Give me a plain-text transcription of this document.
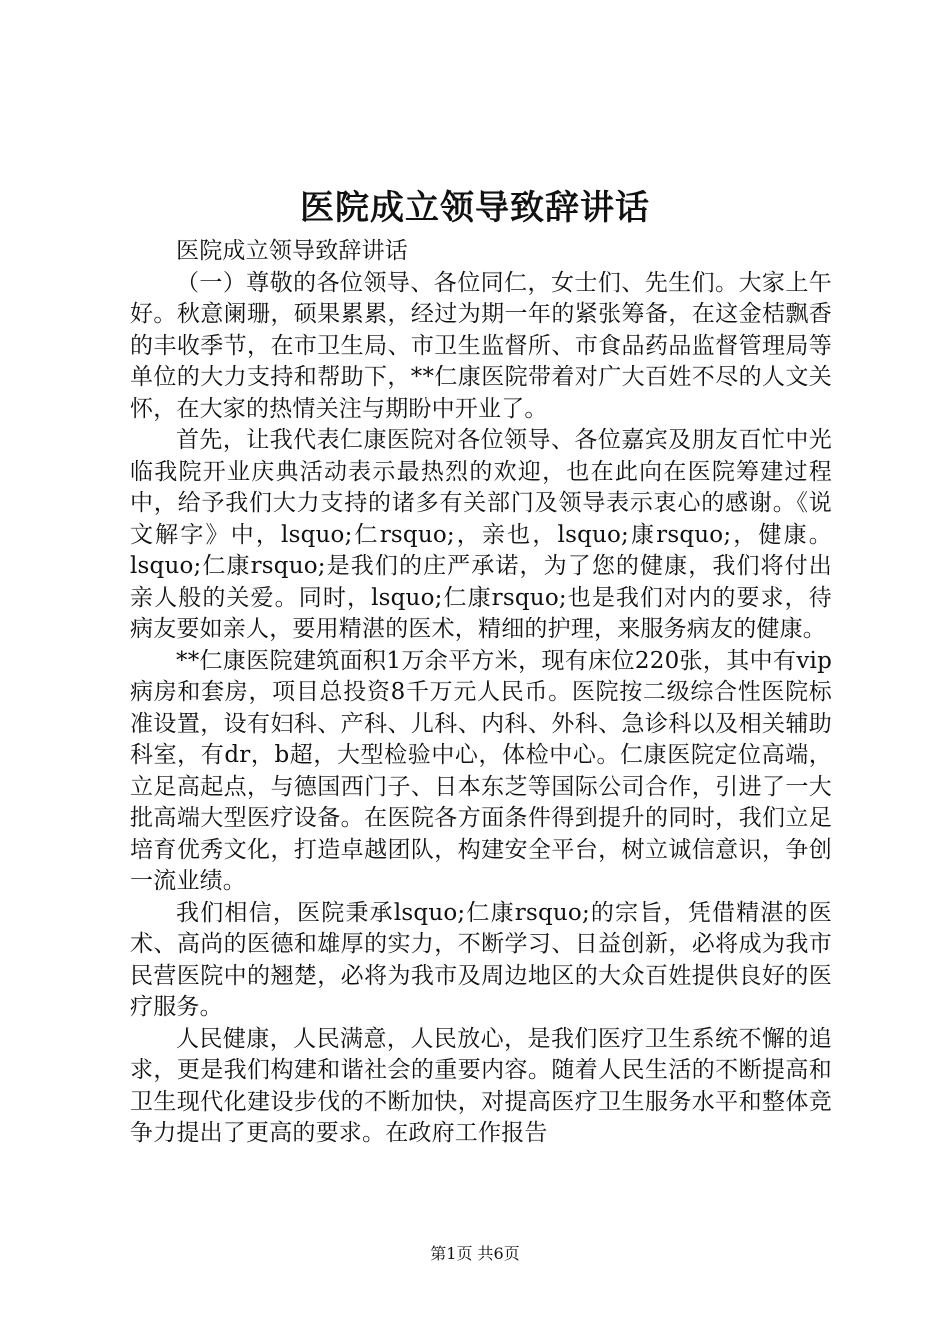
医院成立领导致辞讲话

医院成立领导致辞讲话

（一）尊敬的各位领导、各位同仁，女士们、先生们。大家上午好。秋意阑珊，硕果累累，经过为期一年的紧张筹备，在这金桔飘香的丰收季节，在市卫生局、市卫生监督所、市食品药品监督管理局等单位的大力支持和帮助下，**仁康医院带着对广大百姓不尽的人文关怀，在大家的热情关注与期盼中开业了。

首先，让我代表仁康医院对各位领导、各位嘉宾及朋友百忙中光临我院开业庆典活动表示最热烈的欢迎，也在此向在医院筹建过程中，给予我们大力支持的诸多有关部门及领导表示衷心的感谢。《说文解字》中，lsquo;仁rsquo;，亲也，lsquo;康rsquo;，健康。lsquo;仁康rsquo;是我们的庄严承诺，为了您的健康，我们将付出亲人般的关爱。同时，lsquo;仁康rsquo;也是我们对内的要求，待病友要如亲人，要用精湛的医术，精细的护理，来服务病友的健康。

**仁康医院建筑面积1万余平方米，现有床位220张，其中有vip病房和套房，项目总投资8千万元人民币。医院按二级综合性医院标准设置，设有妇科、产科、儿科、内科、外科、急诊科以及相关辅助科室，有dr，b超，大型检验中心，体检中心。仁康医院定位高端，立足高起点，与德国西门子、日本东芝等国际公司合作，引进了一大批高端大型医疗设备。在医院各方面条件得到提升的同时，我们立足培育优秀文化，打造卓越团队，构建安全平台，树立诚信意识，争创一流业绩。

我们相信，医院秉承lsquo;仁康rsquo;的宗旨，凭借精湛的医术、高尚的医德和雄厚的实力，不断学习、日益创新，必将成为我市民营医院中的翘楚，必将为我市及周边地区的大众百姓提供良好的医疗服务。

人民健康，人民满意，人民放心，是我们医疗卫生系统不懈的追求，更是我们构建和谐社会的重要内容。随着人民生活的不断提高和卫生现代化建设步伐的不断加快，对提高医疗卫生服务水平和整体竞争力提出了更高的要求。在政府工作报告

第1页 共6页
